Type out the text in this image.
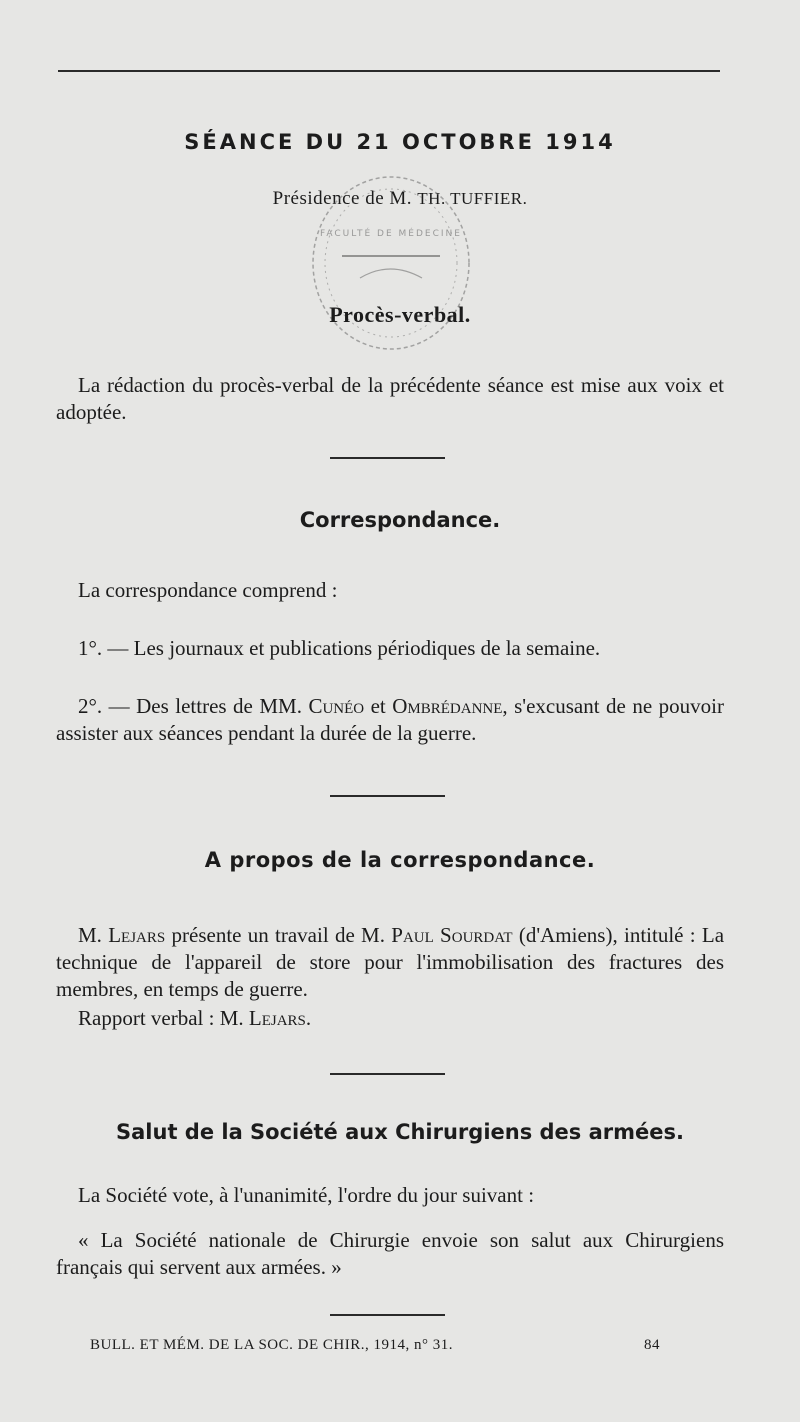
SÉANCE DU 21 OCTOBRE 1914
Présidence de M. TH. TUFFIER.
FACULTÉ DE MÉDECINE
Procès-verbal.

La rédaction du procès-verbal de la précédente séance est mise aux voix et adoptée.

Correspondance.

La correspondance comprend :

1°. — Les journaux et publications périodiques de la semaine.

2°. — Des lettres de MM. Cunéo et Ombrédanne, s'excusant de ne pouvoir assister aux séances pendant la durée de la guerre.

A propos de la correspondance.

M. Lejars présente un travail de M. Paul Sourdat (d'Amiens), intitulé : La technique de l'appareil de store pour l'immobilisation des fractures des membres, en temps de guerre.

Rapport verbal : M. Lejars.

Salut de la Société aux Chirurgiens des armées.

La Société vote, à l'unanimité, l'ordre du jour suivant :

« La Société nationale de Chirurgie envoie son salut aux Chirurgiens français qui servent aux armées. »

BULL. ET MÉM. DE LA SOC. DE CHIR., 1914, n° 31.	84
